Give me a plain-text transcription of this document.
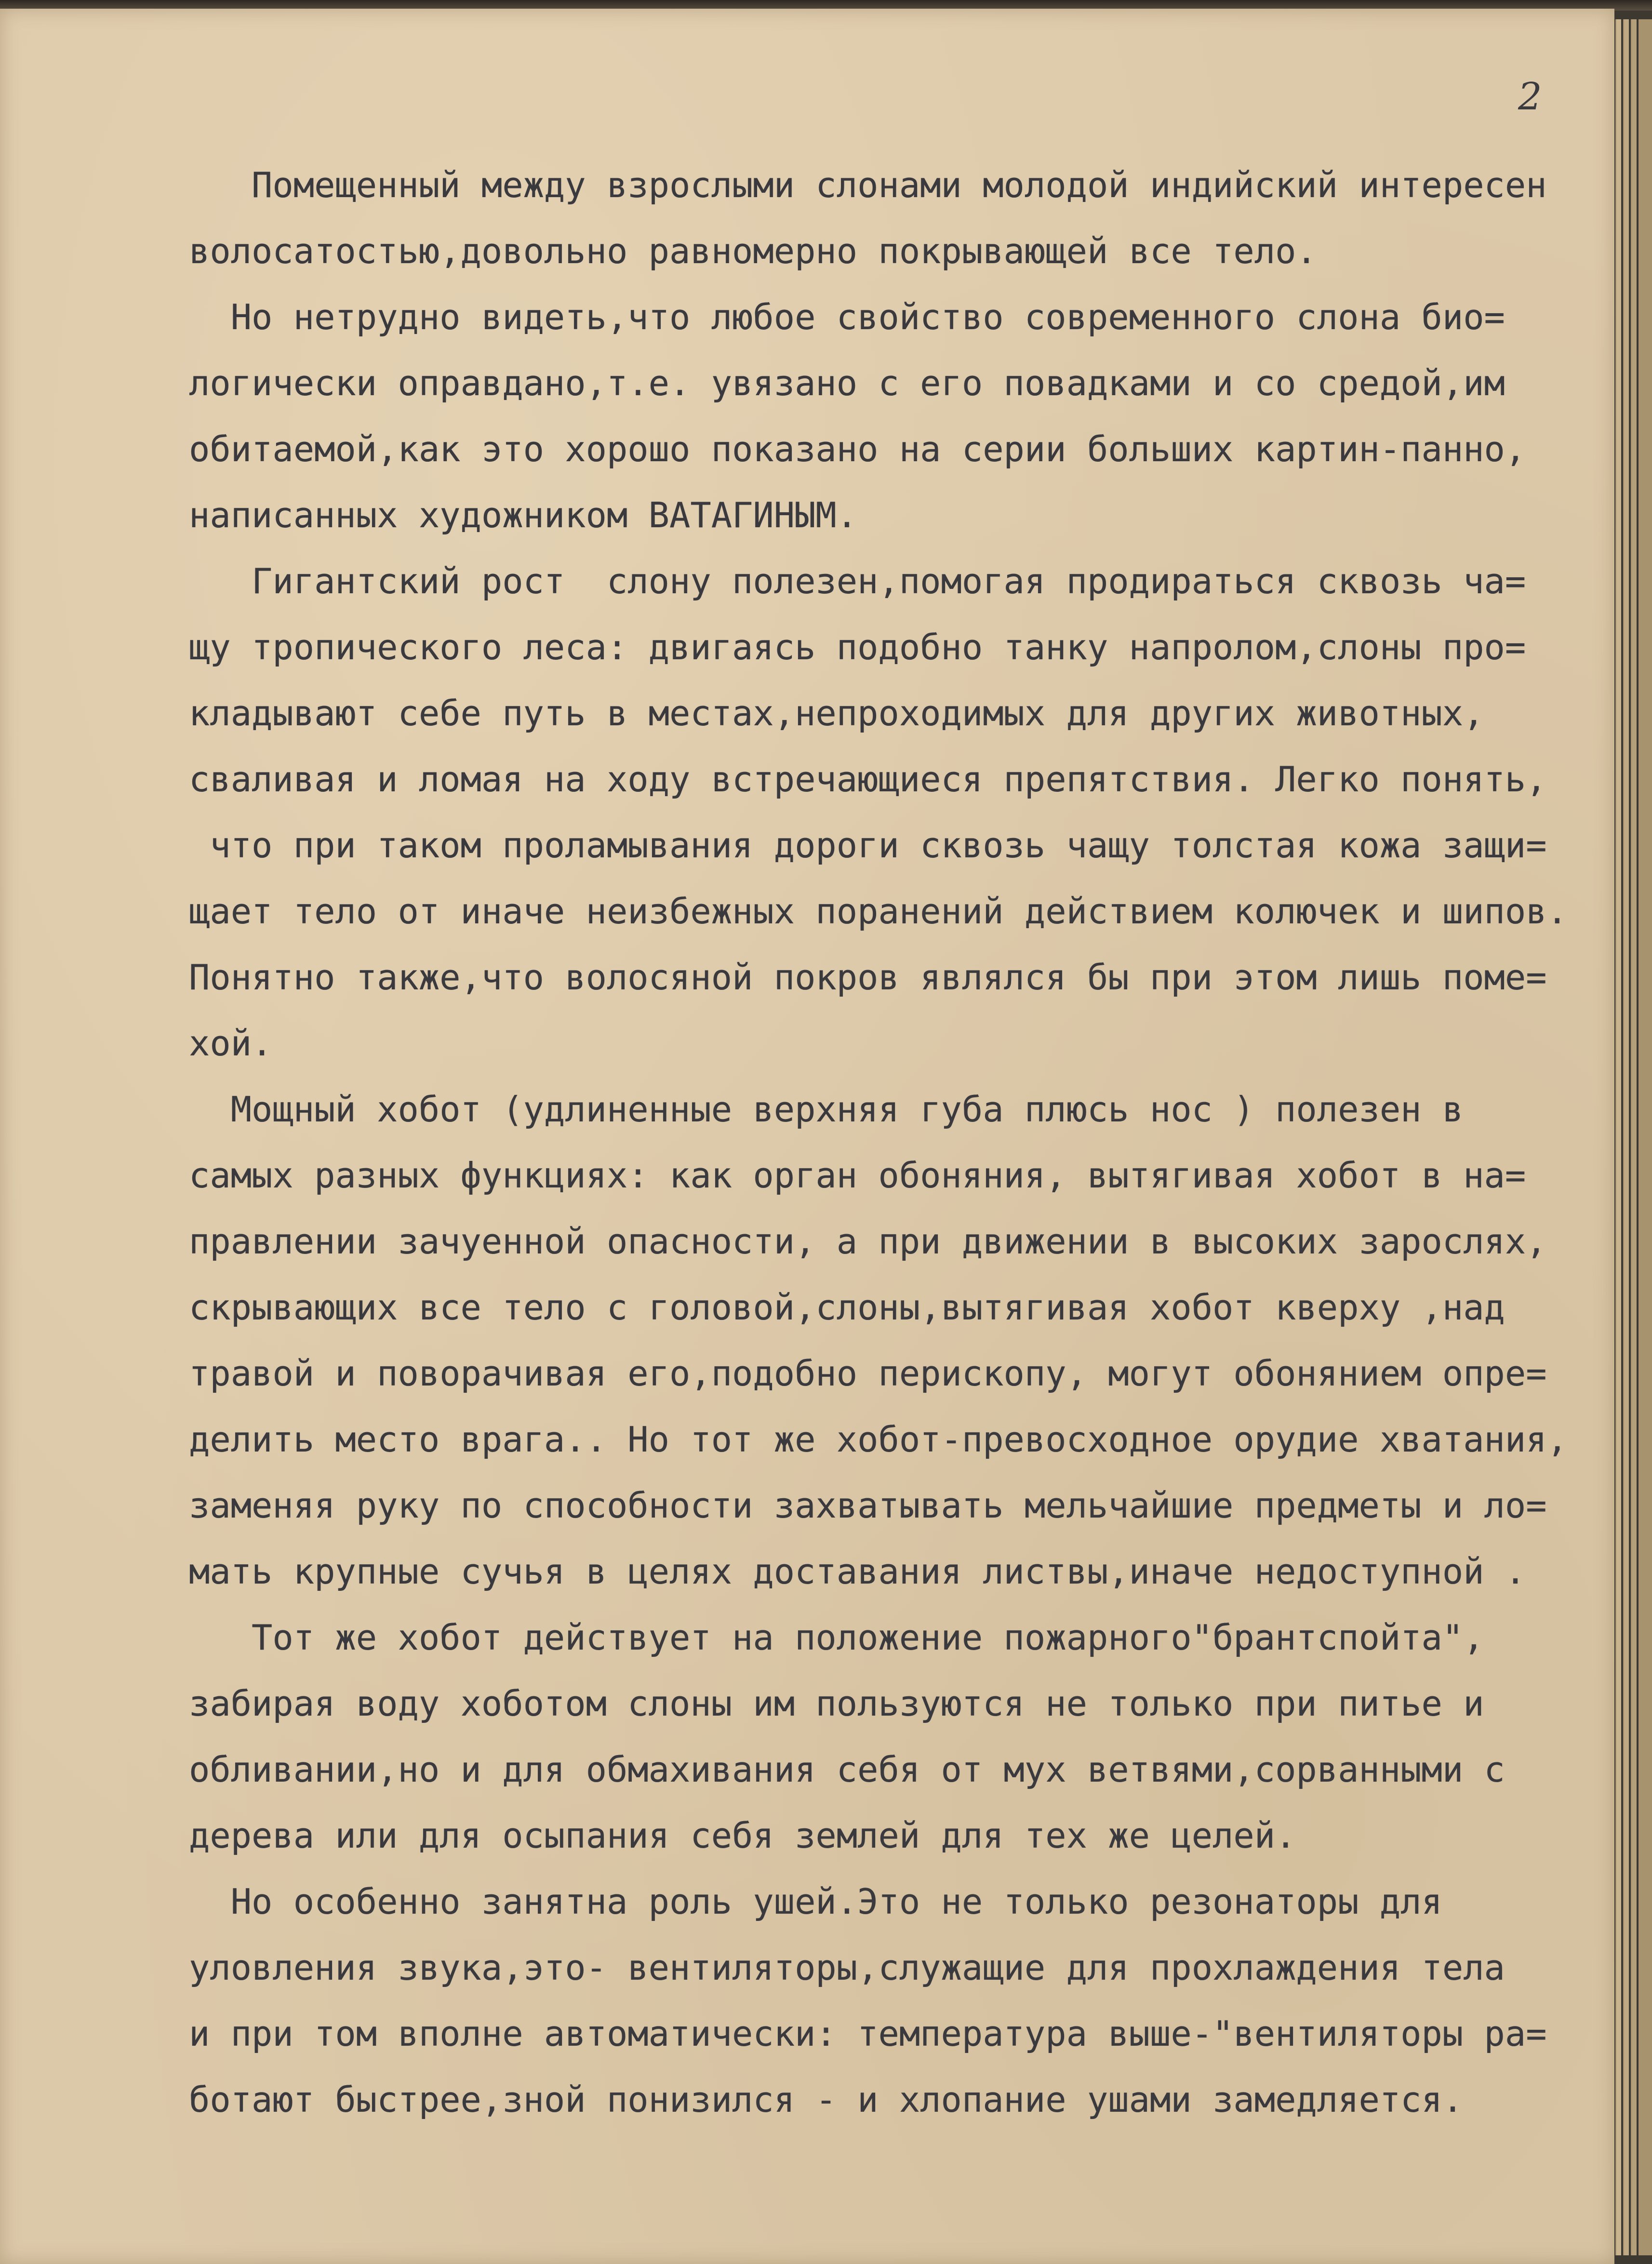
2
Помещенный между взрослыми слонами молодой индийский интересен
волосатостью,довольно равномерно покрывающей все тело.
Но нетрудно видеть,что любое свойство современного слона био=
логически оправдано,т.е. увязано с его повадками и со средой,им
обитаемой,как это хорошо показано на серии больших картин-панно,
написанных художником ВАТАГИНЫМ.
Гигантский рост  слону полезен,помогая продираться сквозь ча=
щу тропического леса: двигаясь подобно танку напролом,слоны про=
кладывают себе путь в местах,непроходимых для других животных,
сваливая и ломая на ходу встречающиеся препятствия. Легко понять,
что при таком проламывания дороги сквозь чащу толстая кожа защи=
щает тело от иначе неизбежных поранений действием колючек и шипов.
Понятно также,что волосяной покров являлся бы при этом лишь поме=
хой.
Мощный хобот (удлиненные верхняя губа плюсь нос ) полезен в
самых разных функциях: как орган обоняния, вытягивая хобот в на=
правлении зачуенной опасности, а при движении в высоких зарослях,
скрывающих все тело с головой,слоны,вытягивая хобот кверху ,над
травой и поворачивая его,подобно перископу, могут обонянием опре=
делить место врага.. Но тот же хобот-превосходное орудие хватания,
заменяя руку по способности захватывать мельчайшие предметы и ло=
мать крупные сучья в целях доставания листвы,иначе недоступной .
Тот же хобот действует на положение пожарного"брантспойта",
забирая воду хоботом слоны им пользуются не только при питье и
обливании,но и для обмахивания себя от мух ветвями,сорванными с
дерева или для осыпания себя землей для тех же целей.
Но особенно занятна роль ушей.Это не только резонаторы для
уловления звука,это- вентиляторы,служащие для прохлаждения тела
и при том вполне автоматически: температура выше-"вентиляторы ра=
ботают быстрее,зной понизился - и хлопание ушами замедляется.
